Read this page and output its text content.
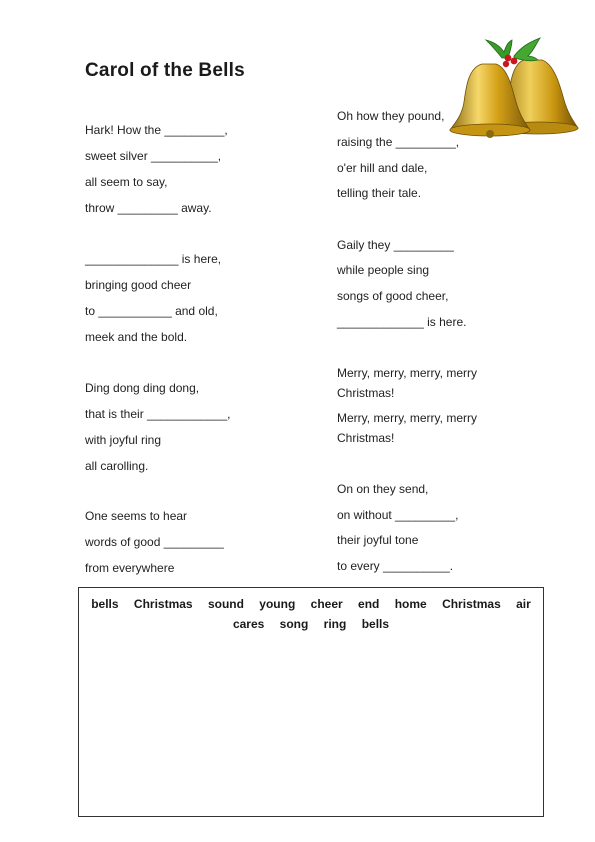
Carol of the Bells
Hark! How the _________,
sweet silver __________,
all seem to say,
throw _________ away.
______________ is here,
bringing good cheer
to ___________ and old,
meek and the bold.
Ding dong ding dong,
that is their ____________,
with joyful ring
all carolling.
One seems to hear
words of good _________
from everywhere
Oh how they pound,
raising the _________,
o'er hill and dale,
telling their tale.
Gaily they _________
while people sing
songs of good cheer,
_____________ is here.
Merry, merry, merry, merry
Christmas!
Merry, merry, merry, merry
Christmas!
On on they send,
on without _________,
their joyful tone
to every __________.
bells Christmas sound young cheer end home Christmas air
cares song ring bells
